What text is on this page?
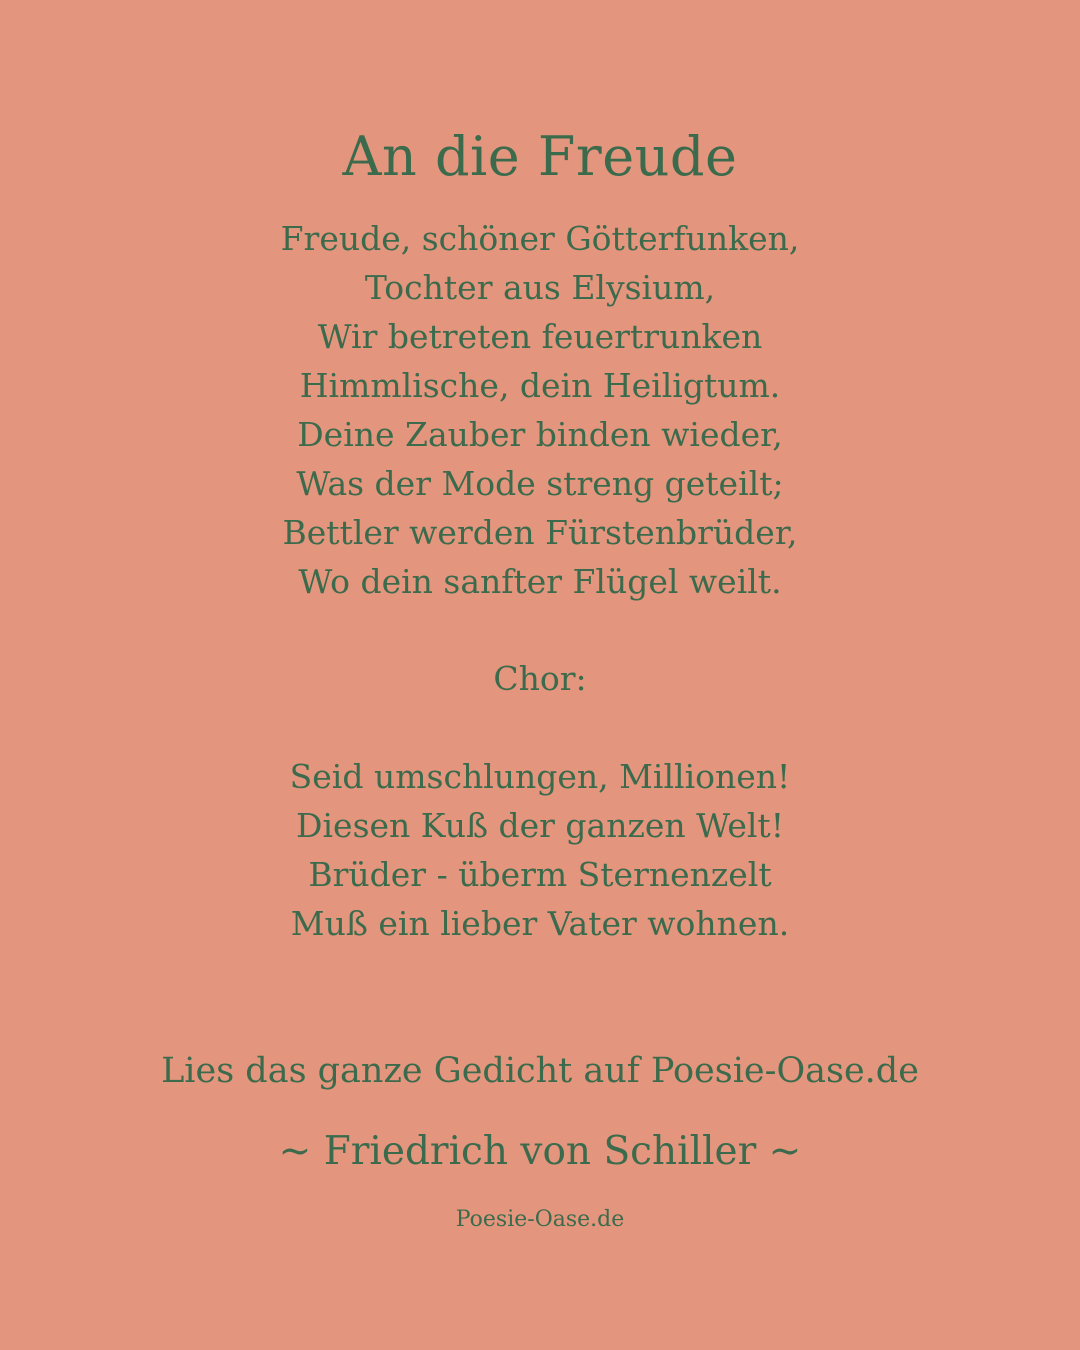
An die Freude
Freude, schöner Götterfunken,
Tochter aus Elysium,
Wir betreten feuertrunken
Himmlische, dein Heiligtum.
Deine Zauber binden wieder,
Was der Mode streng geteilt;
Bettler werden Fürstenbrüder,
Wo dein sanfter Flügel weilt.
Chor:
Seid umschlungen, Millionen!
Diesen Kuß der ganzen Welt!
Brüder - überm Sternenzelt
Muß ein lieber Vater wohnen.
Lies das ganze Gedicht auf Poesie-Oase.de
~ Friedrich von Schiller ~
Poesie-Oase.de
